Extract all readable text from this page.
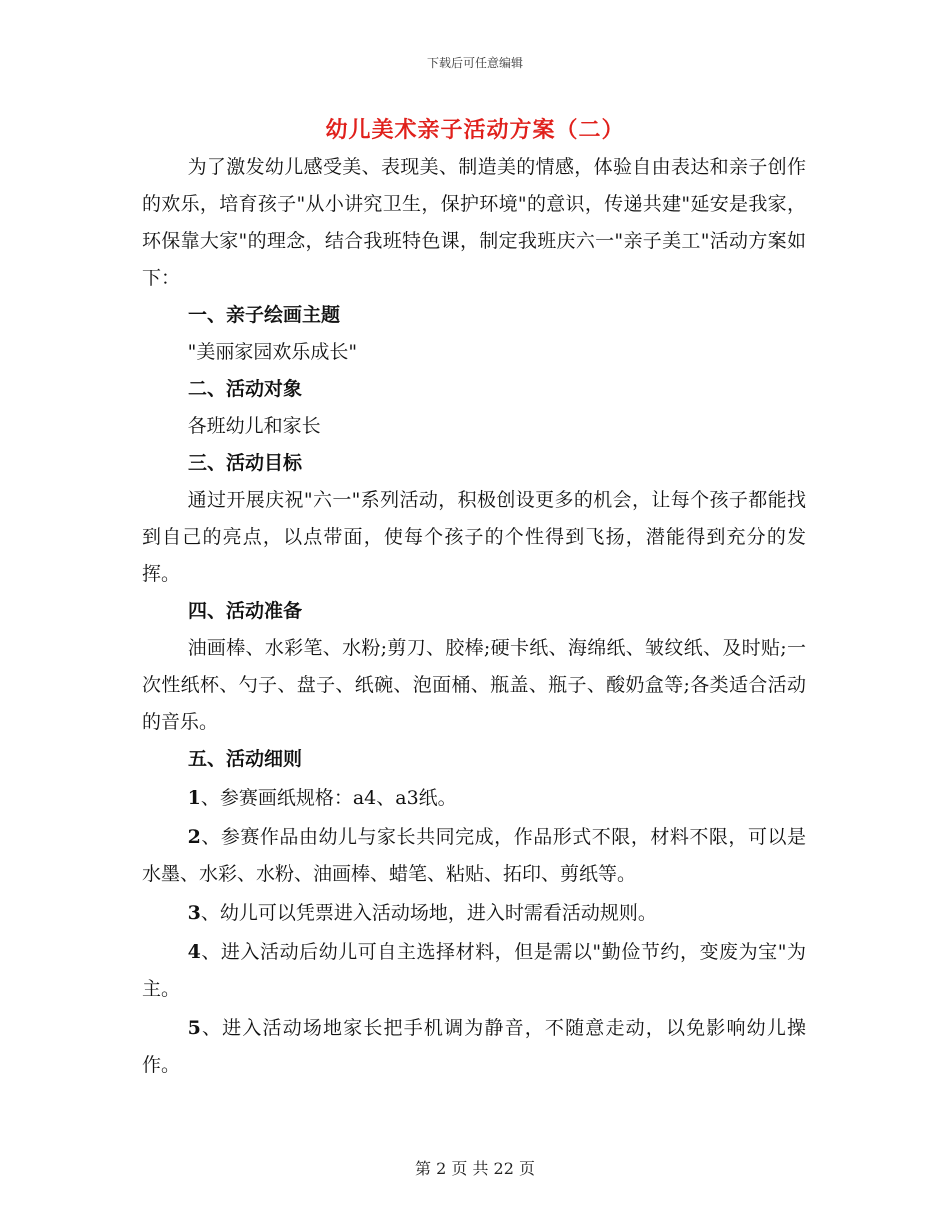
下载后可任意编辑
幼儿美术亲子活动方案（二）

为了激发幼儿感受美、表现美、制造美的情感，体验自由表达和亲子创作的欢乐，培育孩子"从小讲究卫生，保护环境"的意识，传递共建"延安是我家，环保靠大家"的理念，结合我班特色课，制定我班庆六一"亲子美工"活动方案如下：

一、亲子绘画主题

"美丽家园欢乐成长"

二、活动对象

各班幼儿和家长

三、活动目标

通过开展庆祝"六一"系列活动，积极创设更多的机会，让每个孩子都能找到自己的亮点，以点带面，使每个孩子的个性得到飞扬，潜能得到充分的发挥。

四、活动准备

油画棒、水彩笔、水粉;剪刀、胶棒;硬卡纸、海绵纸、皱纹纸、及时贴;一次性纸杯、勺子、盘子、纸碗、泡面桶、瓶盖、瓶子、酸奶盒等;各类适合活动的音乐。

五、活动细则

1、参赛画纸规格：a4、a3纸。

2、参赛作品由幼儿与家长共同完成，作品形式不限，材料不限，可以是水墨、水彩、水粉、油画棒、蜡笔、粘贴、拓印、剪纸等。

3、幼儿可以凭票进入活动场地，进入时需看活动规则。

4、进入活动后幼儿可自主选择材料，但是需以"勤俭节约，变废为宝"为主。

5、进入活动场地家长把手机调为静音，不随意走动，以免影响幼儿操作。

第 2 页 共 22 页
